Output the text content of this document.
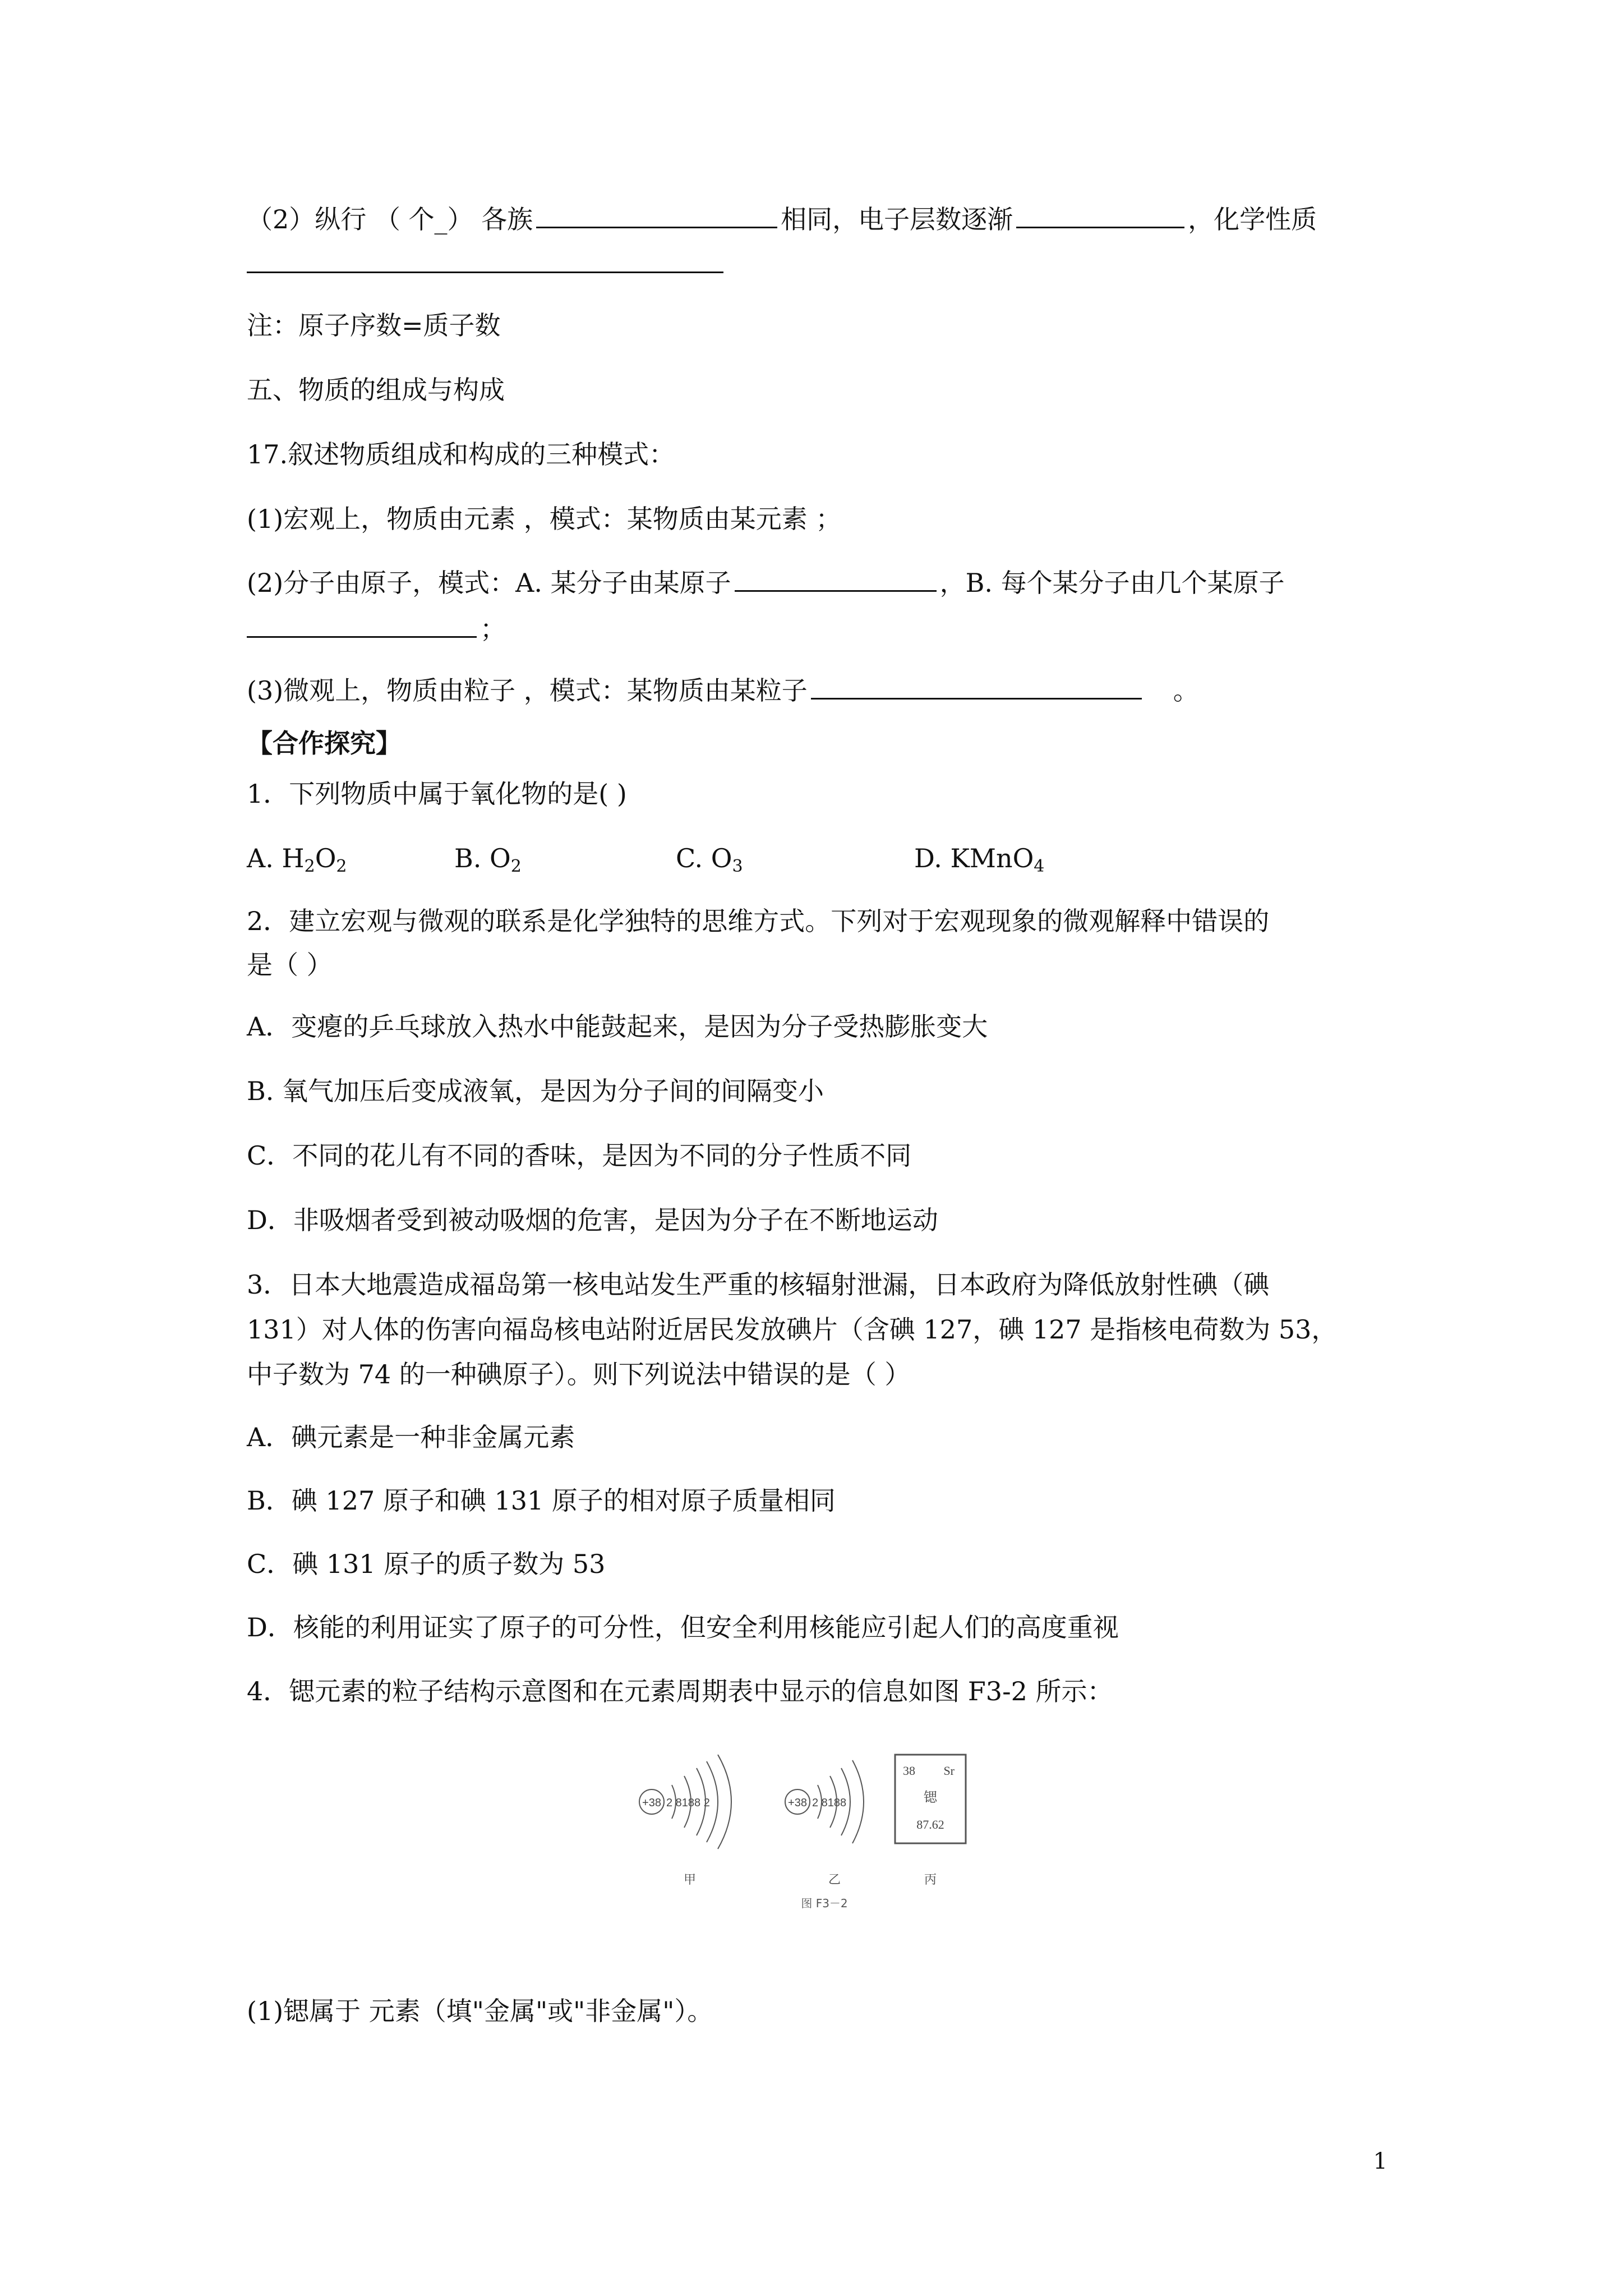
（2）纵行 （ 个_） 各族	相同，电子层数逐渐	，化学性质

注：原子序数=质子数

五、物质的组成与构成

17.叙述物质组成和构成的三种模式：

(1)宏观上，物质由元素 ，模式：某物质由某元素 ；

(2)分子由原子，模式：A. 某分子由某原子	，B. 每个某分子由几个某原子

；

(3)微观上，物质由粒子 ，模式：某物质由某粒子	。

【合作探究】

1．下列物质中属于氧化物的是( )

A. $H_2O_2$	B. $O_2$	C. $O_3$	D. KMnO$_4$

2．建立宏观与微观的联系是化学独特的思维方式。下列对于宏观现象的微观解释中错误的

是（ ）

A．变瘪的乒乓球放入热水中能鼓起来，是因为分子受热膨胀变大

B. 氧气加压后变成液氧，是因为分子间的间隔变小

C．不同的花儿有不同的香味，是因为不同的分子性质不同

D．非吸烟者受到被动吸烟的危害，是因为分子在不断地运动

3．日本大地震造成福岛第一核电站发生严重的核辐射泄漏，日本政府为降低放射性碘（碘

131）对人体的伤害向福岛核电站附近居民发放碘片（含碘 127，碘 127 是指核电荷数为 53，

中子数为 74 的一种碘原子）。则下列说法中错误的是（ ）

A．碘元素是一种非金属元素

B．碘 127 原子和碘 131 原子的相对原子质量相同

C．碘 131 原子的质子数为 53

D．核能的利用证实了原子的可分性，但安全利用核能应引起人们的高度重视

4．锶元素的粒子结构示意图和在元素周期表中显示的信息如图 F3-2 所示：

+38 2 8188 2
甲
+38 2 8188
乙
38 Sr
锶
87.62
丙
图 F3－2

(1)锶属于 元素（填"金属"或"非金属"）。

1
